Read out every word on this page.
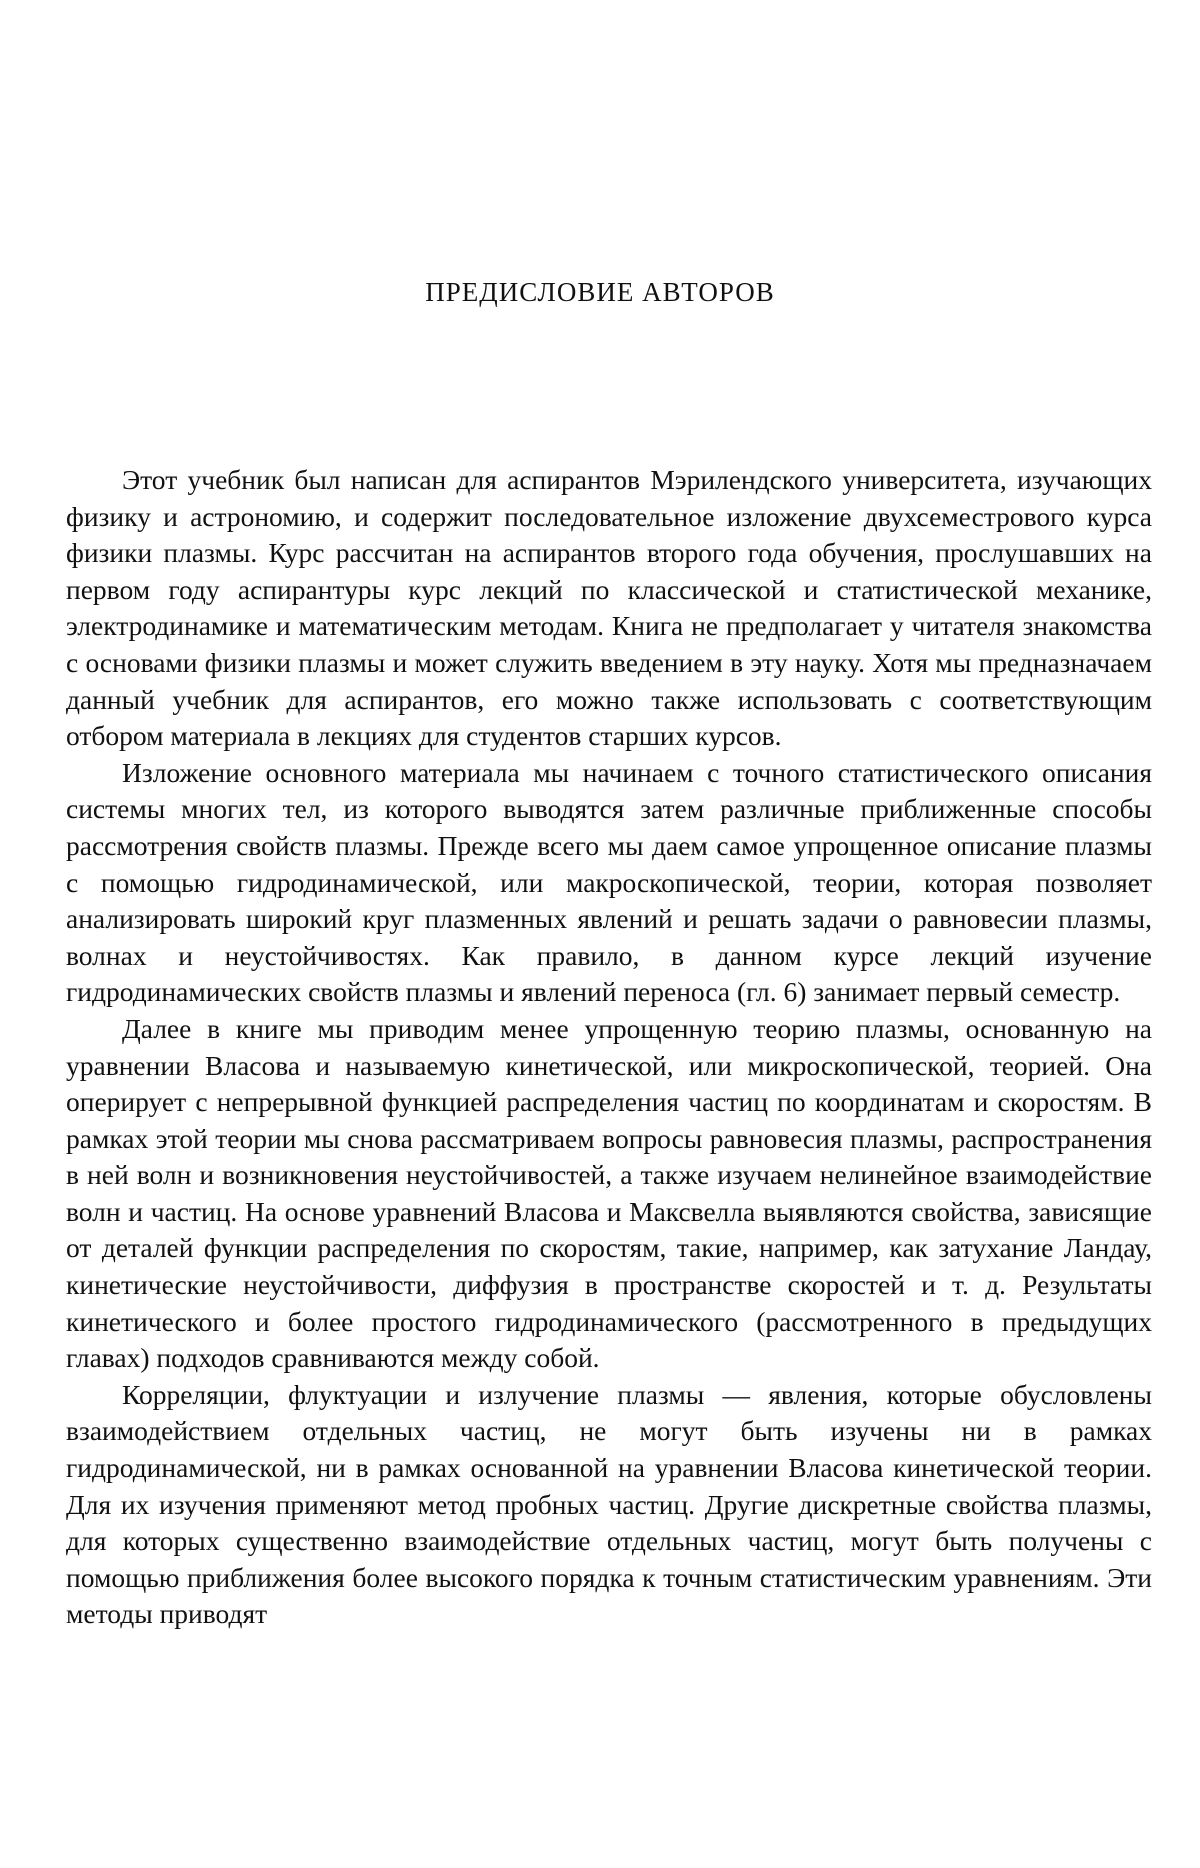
ПРЕДИСЛОВИЕ АВТОРОВ

Этот учебник был написан для аспирантов Мэрилендского университета, изучающих физику и астрономию, и содержит последовательное изложение двухсеместрового курса физики плазмы. Курс рассчитан на аспирантов второго года обучения, прослушавших на первом году аспирантуры курс лекций по классической и статистической механике, электродинамике и математическим методам. Книга не предполагает у читателя знакомства с основами физики плазмы и может служить введением в эту науку. Хотя мы предназначаем данный учебник для аспирантов, его можно также использовать с соответствующим отбором материала в лекциях для студентов старших курсов.

Изложение основного материала мы начинаем с точного статистического описания системы многих тел, из которого выводятся затем различные приближенные способы рассмотрения свойств плазмы. Прежде всего мы даем самое упрощенное описание плазмы с помощью гидродинамической, или макроскопической, теории, которая позволяет анализировать широкий круг плазменных явлений и решать задачи о равновесии плазмы, волнах и неустойчивостях. Как правило, в данном курсе лекций изучение гидродинамических свойств плазмы и явлений переноса (гл. 6) занимает первый семестр.

Далее в книге мы приводим менее упрощенную теорию плазмы, основанную на уравнении Власова и называемую кинетической, или микроскопической, теорией. Она оперирует с непрерывной функцией распределения частиц по координатам и скоростям. В рамках этой теории мы снова рассматриваем вопросы равновесия плазмы, распространения в ней волн и возникновения неустойчивостей, а также изучаем нелинейное взаимодействие волн и частиц. На основе уравнений Власова и Максвелла выявляются свойства, зависящие от деталей функции распределения по скоростям, такие, например, как затухание Ландау, кинетические неустойчивости, диффузия в пространстве скоростей и т. д. Результаты кинетического и более простого гидродинамического (рассмотренного в предыдущих главах) подходов сравниваются между собой.

Корреляции, флуктуации и излучение плазмы — явления, которые обусловлены взаимодействием отдельных частиц, не могут быть изучены ни в рамках гидродинамической, ни в рамках основанной на уравнении Власова кинетической теории. Для их изучения применяют метод пробных частиц. Другие дискретные свойства плазмы, для которых существенно взаимодействие отдельных частиц, могут быть получены с помощью приближения более высокого порядка к точным статистическим уравнениям. Эти методы приводят
